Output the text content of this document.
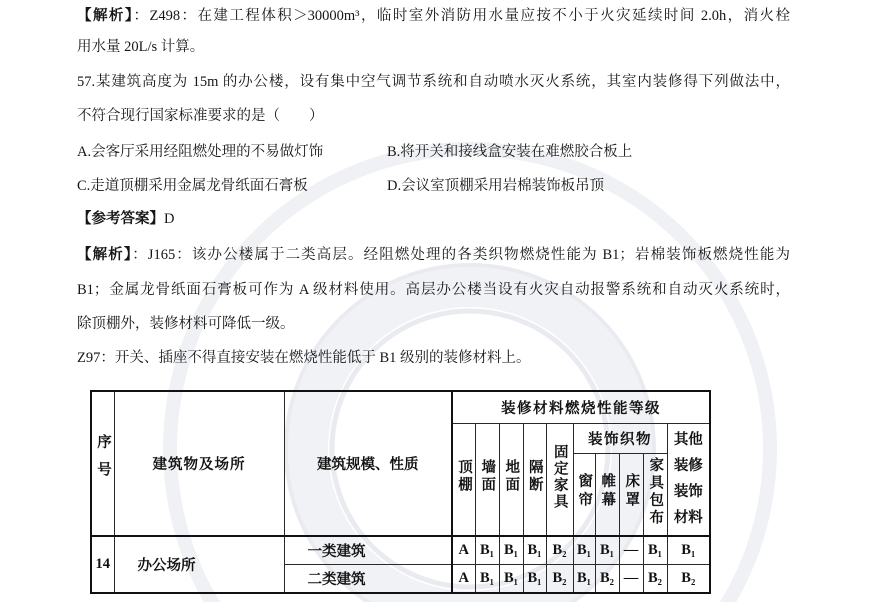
【解析】：Z498：在建工程体积＞30000m³，临时室外消防用水量应按不小于火灾延续时间 2.0h，消火栓
用水量 20L/s 计算。
57.某建筑高度为 15m 的办公楼，设有集中空气调节系统和自动喷水灭火系统，其室内装修得下列做法中，
不符合现行国家标准要求的是（　　）
A.会客厅采用经阻燃处理的不易做灯饰	B.将开关和接线盒安装在难燃胶合板上
C.走道顶棚采用金属龙骨纸面石膏板	D.会议室顶棚采用岩棉装饰板吊顶
【参考答案】D
【解析】：J165：该办公楼属于二类高层。经阻燃处理的各类织物燃烧性能为 B1；岩棉装饰板燃烧性能为
B1；金属龙骨纸面石膏板可作为 A 级材料使用。高层办公楼当设有火灾自动报警系统和自动灭火系统时，
除顶棚外，装修材料可降低一级。
Z97：开关、插座不得直接安装在燃烧性能低于 B1 级别的装修材料上。
序号	建筑物及场所	建筑规模、性质	装修材料燃烧性能等级									
			顶棚	墙面	地面	隔断	固定家具	装饰织物				其他装修装饰材料
								窗帘	帷幕	床罩	家具包布	
14	办公场所	一类建筑	A	B₁	B₁	B₁	B₂	B₁	B₁	—	B₁	B₁
		二类建筑	A	B₁	B₁	B₁	B₂	B₁	B₂	—	B₂	B₂
